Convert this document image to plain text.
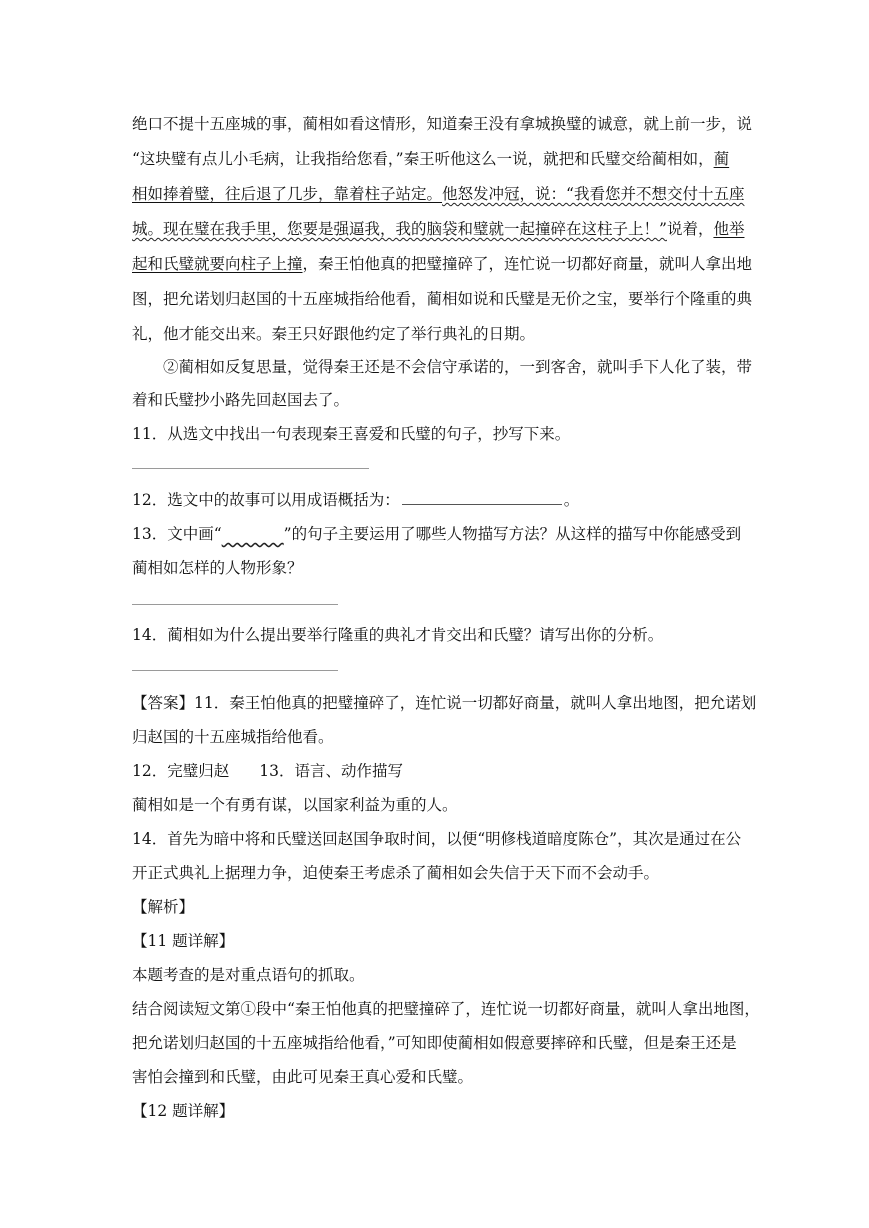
绝口不提十五座城的事，蔺相如看这情形，知道秦王没有拿城换璧的诚意，就上前一步，说
“这块璧有点儿小毛病，让我指给您看，”秦王听他这么一说，就把和氏璧交给蔺相如，蔺
相如捧着璧，往后退了几步，靠着柱子站定。他怒发冲冠，说：“我看您并不想交付十五座
城。现在璧在我手里，您要是强逼我，我的脑袋和璧就一起撞碎在这柱子上！”说着，他举
起和氏璧就要向柱子上撞，秦王怕他真的把璧撞碎了，连忙说一切都好商量，就叫人拿出地
图，把允诺划归赵国的十五座城指给他看，蔺相如说和氏璧是无价之宝，要举行个隆重的典
礼，他才能交出来。秦王只好跟他约定了举行典礼的日期。
②蔺相如反复思量，觉得秦王还是不会信守承诺的，一到客舍，就叫手下人化了装，带
着和氏璧抄小路先回赵国去了。
11．从选文中找出一句表现秦王喜爱和氏璧的句子，抄写下来。
12．选文中的故事可以用成语概括为：	。
13．文中画“　　　　	”的句子主要运用了哪些人物描写方法？从这样的描写中你能感受到
蔺相如怎样的人物形象？
14．蔺相如为什么提出要举行隆重的典礼才肯交出和氏璧？请写出你的分析。
【答案】11．秦王怕他真的把璧撞碎了，连忙说一切都好商量，就叫人拿出地图，把允诺划
归赵国的十五座城指给他看。
12．完璧归赵 13．语言、动作描写
蔺相如是一个有勇有谋，以国家利益为重的人。
14．首先为暗中将和氏璧送回赵国争取时间，以便“明修栈道暗度陈仓”，其次是通过在公
开正式典礼上据理力争，迫使秦王考虑杀了蔺相如会失信于天下而不会动手。
【解析】
【11 题详解】
本题考查的是对重点语句的抓取。
结合阅读短文第①段中“秦王怕他真的把璧撞碎了，连忙说一切都好商量，就叫人拿出地图，
把允诺划归赵国的十五座城指给他看，”可知即使蔺相如假意要摔碎和氏璧，但是秦王还是
害怕会撞到和氏璧，由此可见秦王真心爱和氏璧。
【12 题详解】
